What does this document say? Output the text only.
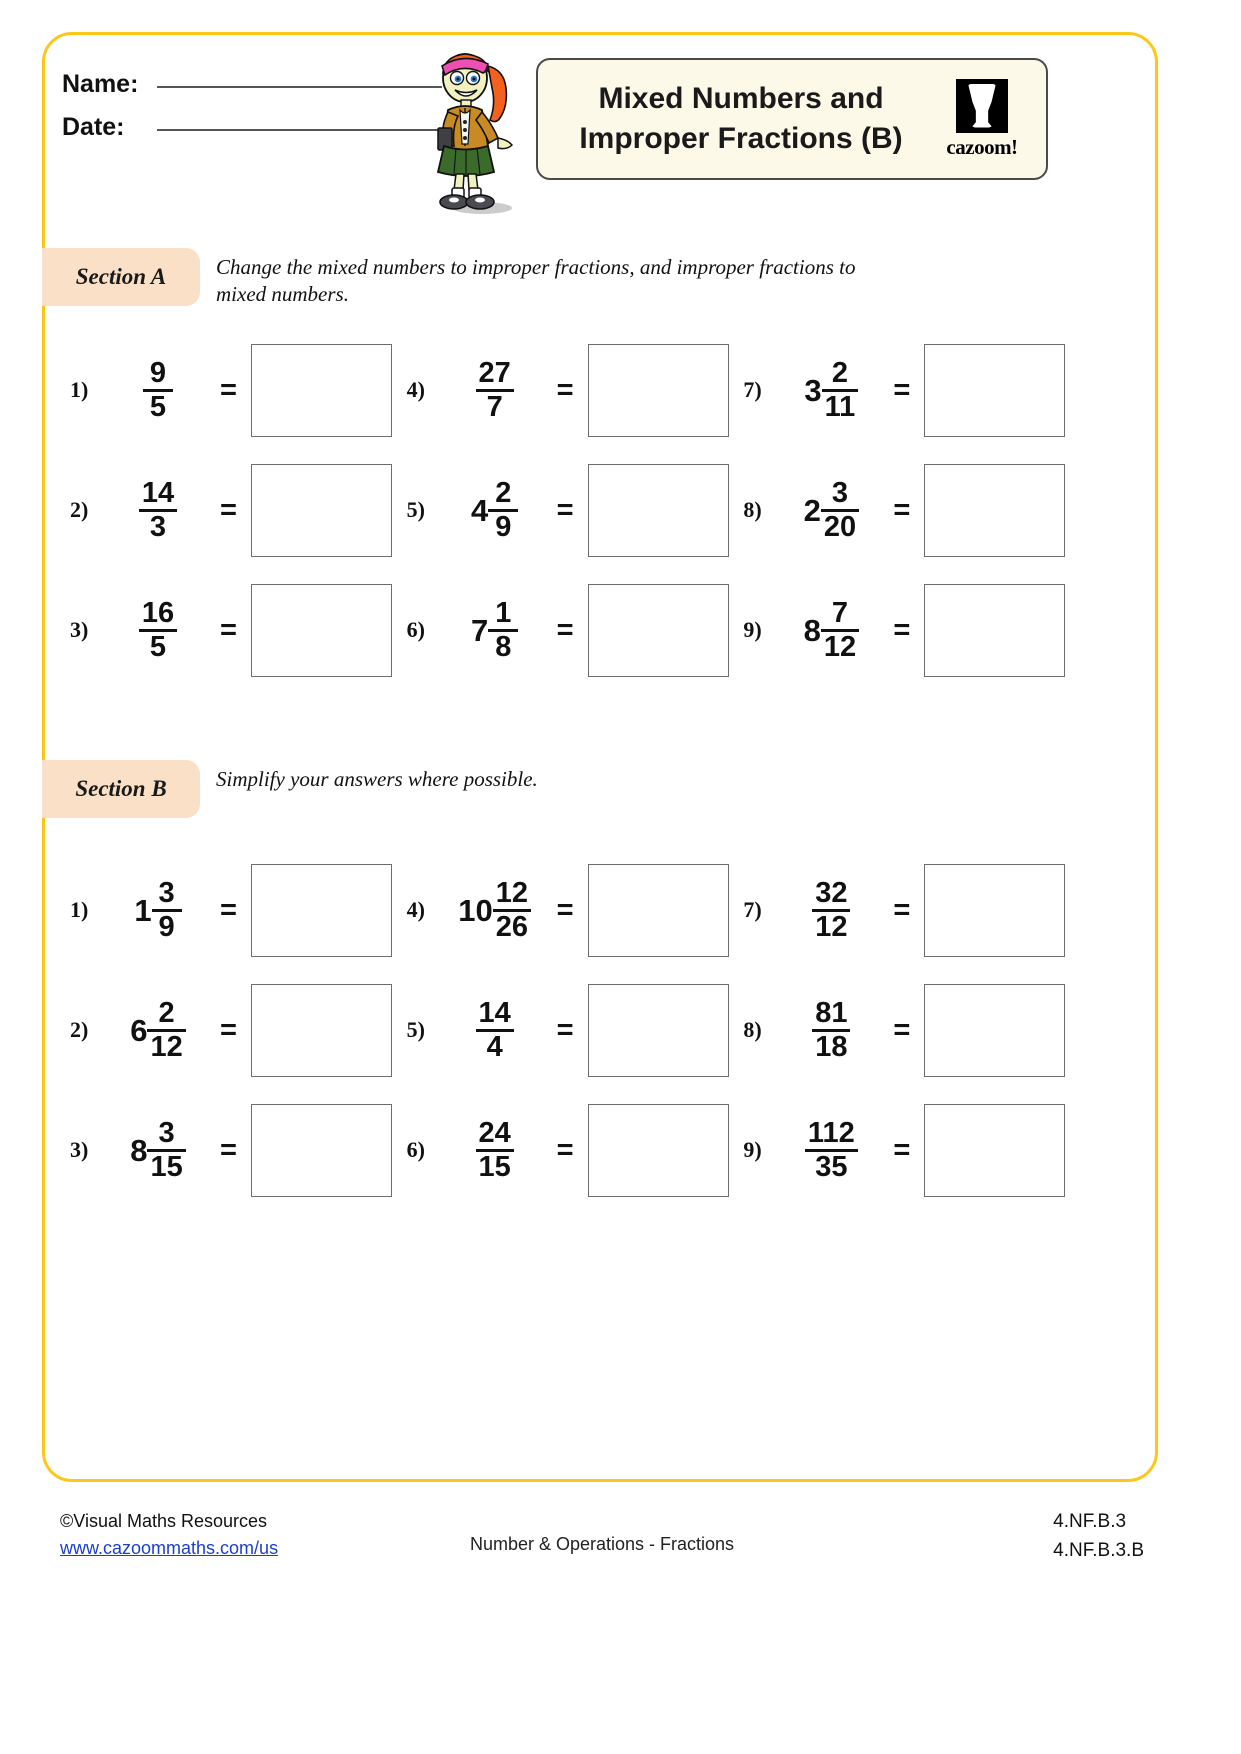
Name:
Date:
Mixed Numbers and
Improper Fractions (B)	cazoom!
Section A	Change the mixed numbers to improper fractions, and improper fractions to mixed numbers.
1)	$\frac{9}{5}$ =	4)	$\frac{27}{7}$ =	7)	$3 \frac{2}{11}$ =
2)	$\frac{14}{3}$ =	5)	$4 \frac{2}{9}$ =	8)	$2 \frac{3}{20}$ =
3)	$\frac{16}{5}$ =	6)	$7 \frac{1}{8}$ =	9)	$8 \frac{7}{12}$ =
Section B	Simplify your answers where possible.
1)	$1 \frac{3}{9}$ =	4)	$10 \frac{12}{26}$ =	7)	$\frac{32}{12}$ =
2)	$6 \frac{2}{12}$ =	5)	$\frac{14}{4}$ =	8)	$\frac{81}{18}$ =
3)	$8 \frac{3}{15}$ =	6)	$\frac{24}{15}$ =	9)	$\frac{112}{35}$ =
©Visual Maths Resources
www.cazoommaths.com/us	Number & Operations - Fractions
4.NF.B.3
4.NF.B.3.B
